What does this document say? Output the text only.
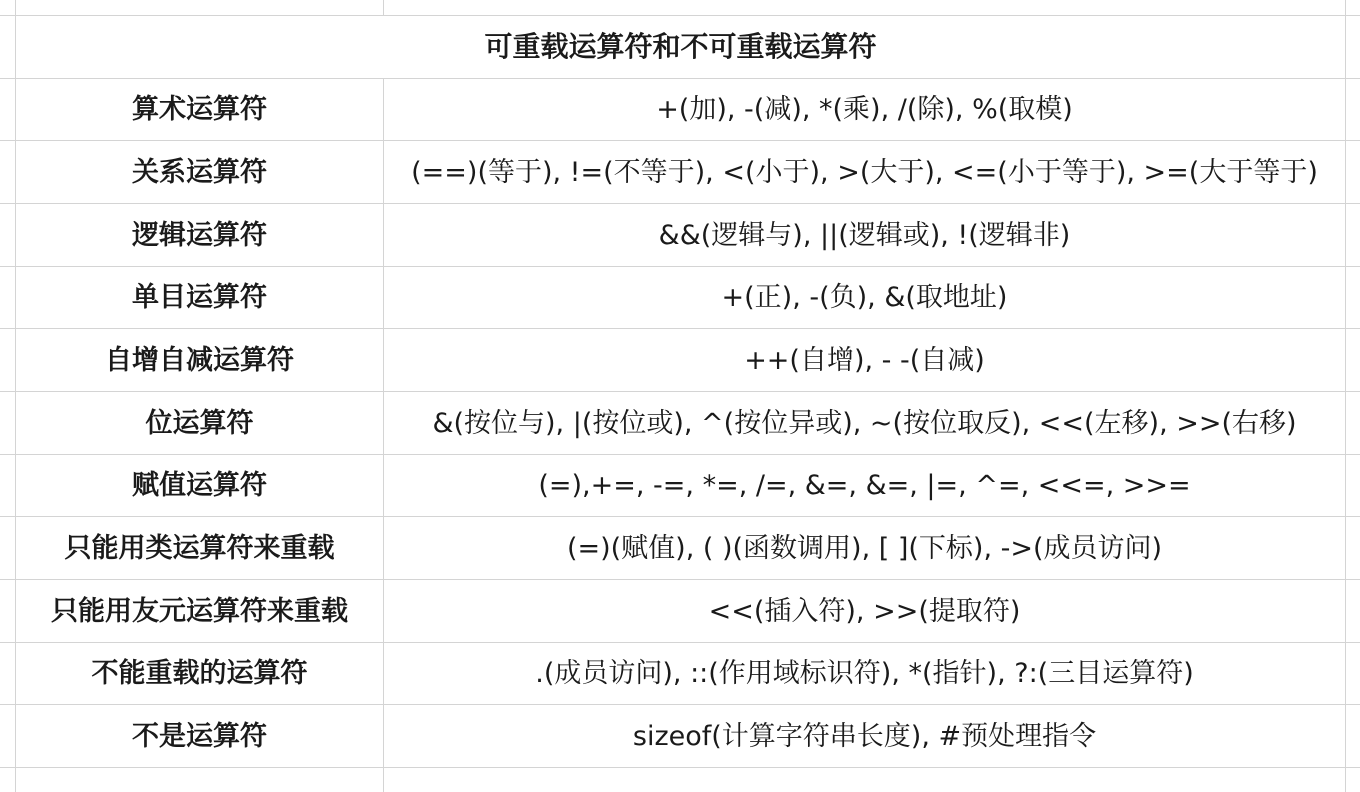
可重载运算符和不可重载运算符
算术运算符	+(加), -(减), *(乘), /(除), %(取模)
关系运算符	(==)(等于), !=(不等于), <(小于), >(大于), <=(小于等于), >=(大于等于)
逻辑运算符	&&(逻辑与), ||(逻辑或), !(逻辑非)
单目运算符	+(正), -(负), &(取地址)
自增自减运算符	++(自增), - -(自减)
位运算符	&(按位与), |(按位或), ^(按位异或), ~(按位取反), <<(左移), >>(右移)
赋值运算符	(=),+=, -=, *=, /=, &=, &=, |=, ^=, <<=, >>=
只能用类运算符来重载	(=)(赋值), ( )(函数调用), [ ](下标), ->(成员访问)
只能用友元运算符来重载	<<(插入符), >>(提取符)
不能重载的运算符	.(成员访问), ::(作用域标识符), *(指针), ?:(三目运算符)
不是运算符	sizeof(计算字符串长度), #预处理指令
